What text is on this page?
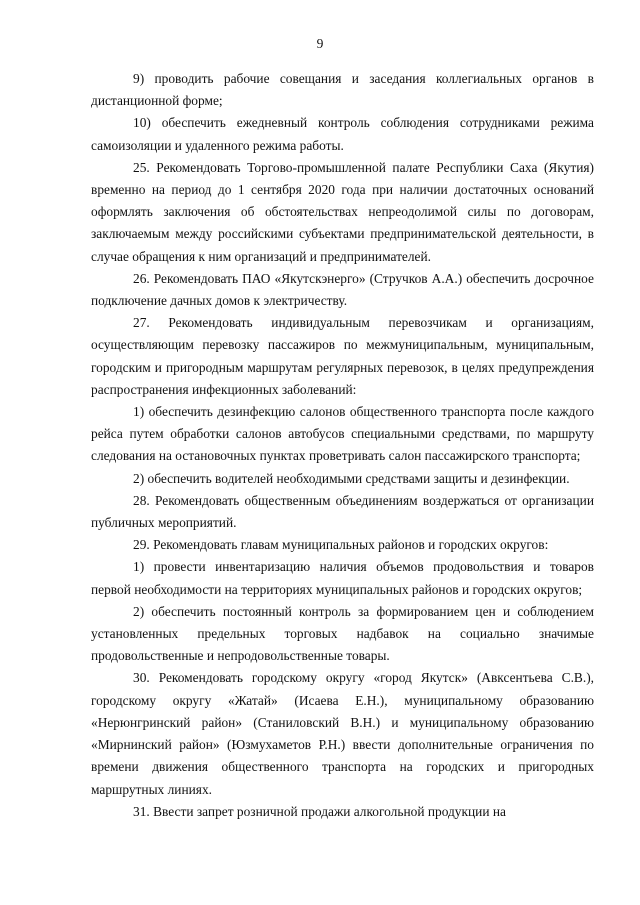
9

9) проводить рабочие совещания и заседания коллегиальных органов в дистанционной форме;

10) обеспечить ежедневный контроль соблюдения сотрудниками режима самоизоляции и удаленного режима работы.

25. Рекомендовать Торгово-промышленной палате Республики Саха (Якутия) временно на период до 1 сентября 2020 года при наличии достаточных оснований оформлять заключения об обстоятельствах непреодолимой силы по договорам, заключаемым между российскими субъектами предпринимательской деятельности, в случае обращения к ним организаций и предпринимателей.

26. Рекомендовать ПАО «Якутскэнерго» (Стручков А.А.) обеспечить досрочное подключение дачных домов к электричеству.

27. Рекомендовать индивидуальным перевозчикам и организациям, осуществляющим перевозку пассажиров по межмуниципальным, муниципальным, городским и пригородным маршрутам регулярных перевозок, в целях предупреждения распространения инфекционных заболеваний:

1) обеспечить дезинфекцию салонов общественного транспорта после каждого рейса путем обработки салонов автобусов специальными средствами, по маршруту следования на остановочных пунктах проветривать салон пассажирского транспорта;

2) обеспечить водителей необходимыми средствами защиты и дезинфекции.

28. Рекомендовать общественным объединениям воздержаться от организации публичных мероприятий.

29. Рекомендовать главам муниципальных районов и городских округов:

1) провести инвентаризацию наличия объемов продовольствия и товаров первой необходимости на территориях муниципальных районов и городских округов;

2) обеспечить постоянный контроль за формированием цен и соблюдением установленных предельных торговых надбавок на социально значимые продовольственные и непродовольственные товары.

30. Рекомендовать городскому округу «город Якутск» (Авксентьева С.В.), городскому округу «Жатай» (Исаева Е.Н.), муниципальному образованию «Нерюнгринский район» (Станиловский В.Н.) и муниципальному образованию «Мирнинский район» (Юзмухаметов Р.Н.) ввести дополнительные ограничения по времени движения общественного транспорта на городских и пригородных маршрутных линиях.

31. Ввести запрет розничной продажи алкогольной продукции на
